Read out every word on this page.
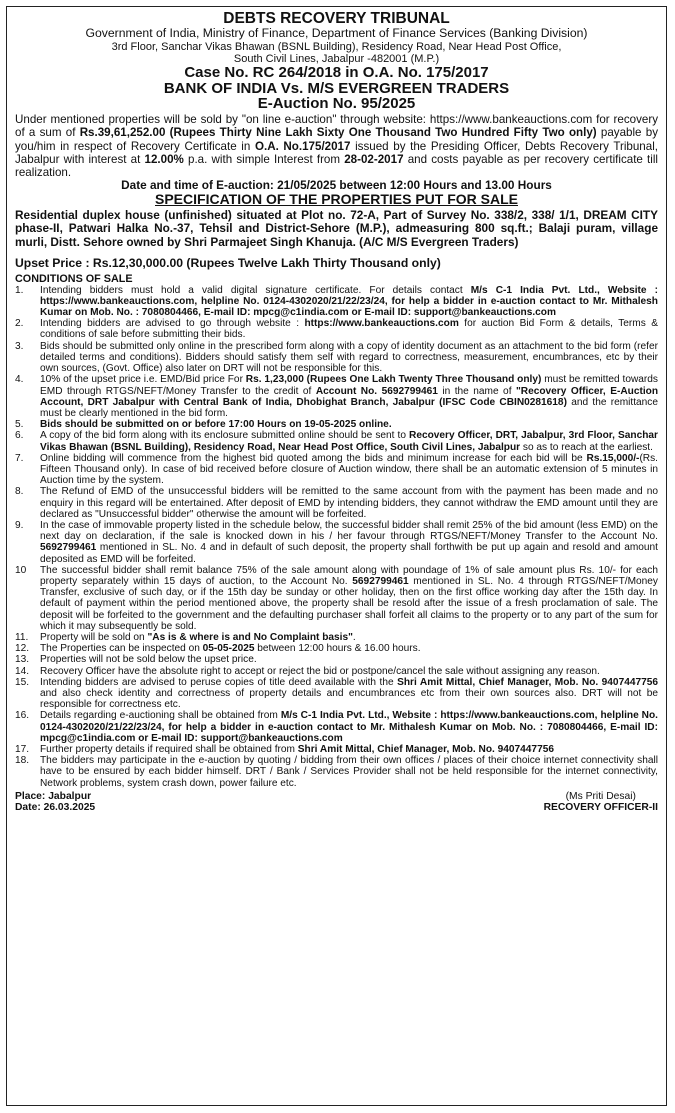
DEBTS RECOVERY TRIBUNAL
Government of India, Ministry of Finance, Department of Finance Services (Banking Division)
3rd Floor, Sanchar Vikas Bhawan (BSNL Building), Residency Road, Near Head Post Office,
South Civil Lines, Jabalpur -482001 (M.P.)
Case No. RC 264/2018 in O.A. No. 175/2017
BANK OF INDIA Vs. M/S EVERGREEN TRADERS
E-Auction No. 95/2025
Under mentioned properties will be sold by "on line e-auction" through website: https://www.bankeauctions.com for recovery of a sum of Rs.39,61,252.00 (Rupees Thirty Nine Lakh Sixty One Thousand Two Hundred Fifty Two only) payable by you/him in respect of Recovery Certificate in O.A. No.175/2017 issued by the Presiding Officer, Debts Recovery Tribunal, Jabalpur with interest at 12.00% p.a. with simple Interest from 28-02-2017 and costs payable as per recovery certificate till realization.
Date and time of E-auction: 21/05/2025 between 12:00 Hours and 13.00 Hours
SPECIFICATION OF THE PROPERTIES PUT FOR SALE
Residential duplex house (unfinished) situated at Plot no. 72-A, Part of Survey No. 338/2, 338/ 1/1, DREAM CITY phase-II, Patwari Halka No.-37, Tehsil and District-Sehore (M.P.), admeasuring 800 sq.ft.; Balaji puram, village murli, Distt. Sehore owned by Shri Parmajeet Singh Khanuja. (A/C M/S Evergreen Traders)
Upset Price : Rs.12,30,000.00 (Rupees Twelve Lakh Thirty Thousand only)
CONDITIONS OF SALE
1. Intending bidders must hold a valid digital signature certificate. For details contact M/s C-1 India Pvt. Ltd., Website : https://www.bankeauctions.com, helpline No. 0124-4302020/21/22/23/24, for help a bidder in e-auction contact to Mr. Mithalesh Kumar on Mob. No. : 7080804466, E-mail ID: mpcg@c1india.com or E-mail ID: support@bankeauctions.com
2. Intending bidders are advised to go through website : https://www.bankeauctions.com for auction Bid Form & details, Terms & conditions of sale before submitting their bids.
3. Bids should be submitted only online in the prescribed form along with a copy of identity document as an attachment to the bid form (refer detailed terms and conditions). Bidders should satisfy them self with regard to correctness, measurement, encumbrances, etc by their own sources, (Govt. Office) also later on DRT will not be responsible for this.
4. 10% of the upset price i.e. EMD/Bid price For Rs. 1,23,000 (Rupees One Lakh Twenty Three Thousand only) must be remitted towards EMD through RTGS/NEFT/Money Transfer to the credit of Account No. 5692799461 in the name of "Recovery Officer, E-Auction Account, DRT Jabalpur with Central Bank of India, Dhobighat Branch, Jabalpur (IFSC Code CBIN0281618) and the remittance must be clearly mentioned in the bid form.
5. Bids should be submitted on or before 17:00 Hours on 19-05-2025 online.
6. A copy of the bid form along with its enclosure submitted online should be sent to Recovery Officer, DRT, Jabalpur, 3rd Floor, Sanchar Vikas Bhawan (BSNL Building), Residency Road, Near Head Post Office, South Civil Lines, Jabalpur so as to reach at the earliest.
7. Online bidding will commence from the highest bid quoted among the bids and minimum increase for each bid will be Rs.15,000/-(Rs. Fifteen Thousand only). In case of bid received before closure of Auction window, there shall be an automatic extension of 5 minutes in Auction time by the system.
8. The Refund of EMD of the unsuccessful bidders will be remitted to the same account from with the payment has been made and no enquiry in this regard will be entertained. After deposit of EMD by intending bidders, they cannot withdraw the EMD amount until they are declared as "Unsuccessful bidder" otherwise the amount will be forfeited.
9. In the case of immovable property listed in the schedule below, the successful bidder shall remit 25% of the bid amount (less EMD) on the next day on declaration, if the sale is knocked down in his / her favour through RTGS/NEFT/Money Transfer to the Account No. 5692799461 mentioned in SL. No. 4 and in default of such deposit, the property shall forthwith be put up again and resold and amount deposited as EMD will be forfeited.
10 The successful bidder shall remit balance 75% of the sale amount along with poundage of 1% of sale amount plus Rs. 10/- for each property separately within 15 days of auction, to the Account No. 5692799461 mentioned in SL. No. 4 through RTGS/NEFT/Money Transfer, exclusive of such day, or if the 15th day be sunday or other holiday, then on the first office working day after the 15th day. In default of payment within the period mentioned above, the property shall be resold after the issue of a fresh proclamation of sale. The deposit will be forfeited to the government and the defaulting purchaser shall forfeit all claims to the property or to any part of the sum for which it may subsequently be sold.
11. Property will be sold on "As is & where is and No Complaint basis".
12. The Properties can be inspected on 05-05-2025 between 12:00 hours & 16.00 hours.
13. Properties will not be sold below the upset price.
14. Recovery Officer have the absolute right to accept or reject the bid or postpone/cancel the sale without assigning any reason.
15. Intending bidders are advised to peruse copies of title deed available with the Shri Amit Mittal, Chief Manager, Mob. No. 9407447756 and also check identity and correctness of property details and encumbrances etc from their own sources also. DRT will not be responsible for correctness etc.
16. Details regarding e-auctioning shall be obtained from M/s C-1 India Pvt. Ltd., Website : https://www.bankeauctions.com, helpline No. 0124-4302020/21/22/23/24, for help a bidder in e-auction contact to Mr. Mithalesh Kumar on Mob. No. : 7080804466, E-mail ID: mpcg@c1india.com or E-mail ID: support@bankeauctions.com
17. Further property details if required shall be obtained from Shri Amit Mittal, Chief Manager, Mob. No. 9407447756
18. The bidders may participate in the e-auction by quoting / bidding from their own offices / places of their choice internet connectivity shall have to be ensured by each bidder himself. DRT / Bank / Services Provider shall not be held responsible for the internet connectivity, Network problems, system crash down, power failure etc.
Place: Jabalpur
Date: 26.03.2025
(Ms Priti Desai)
RECOVERY OFFICER-II
